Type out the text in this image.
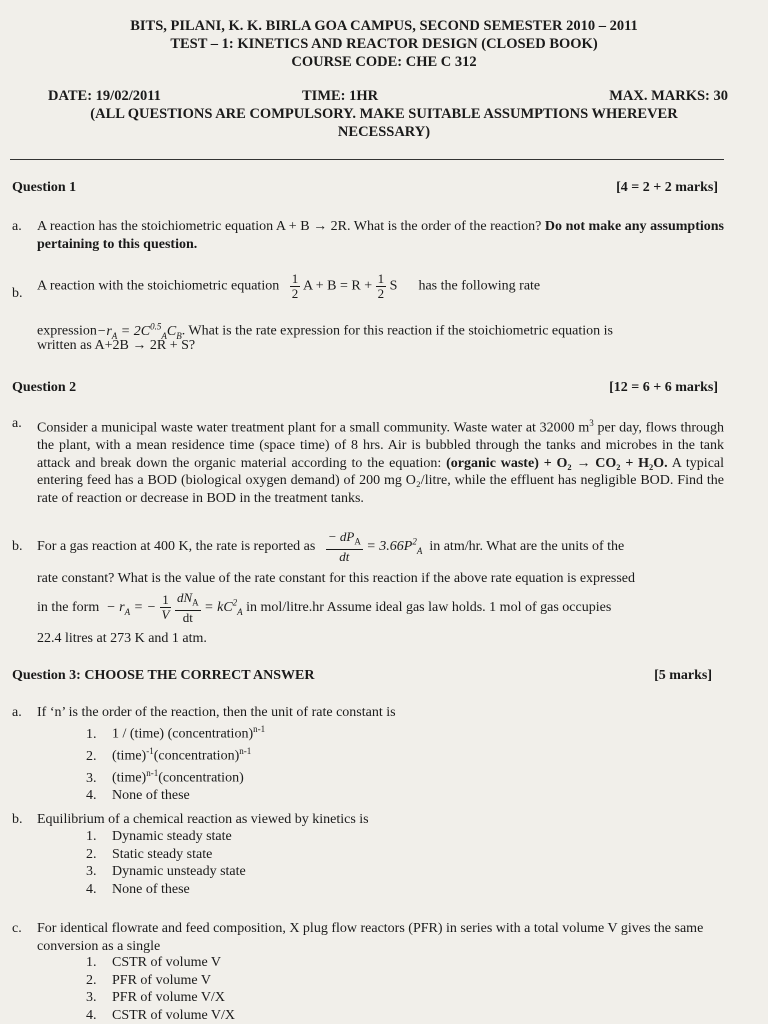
BITS, PILANI, K. K. BIRLA GOA CAMPUS, SECOND SEMESTER 2010 – 2011
TEST – 1: KINETICS AND REACTOR DESIGN (CLOSED BOOK)
COURSE CODE: CHE C 312
DATE: 19/02/2011	TIME: 1HR	MAX. MARKS: 30
(ALL QUESTIONS ARE COMPULSORY. MAKE SUITABLE ASSUMPTIONS WHEREVER
NECESSARY)
Question 1	[4 = 2 + 2 marks]
a. A reaction has the stoichiometric equation A + B → 2R. What is the order of the reaction? Do not make any assumptions pertaining to this question.
b. A reaction with the stoichiometric equation $\frac{1}{2}$ $A + B = R + \frac{1}{2}$ S has the following rate
$expression-r_A = 2C^{0.5}_AC_B$. What is the rate expression for this reaction if the stoichiometric equation is
written as A+2B → 2R + S?
Question 2	[12 = 6 + 6 marks]
a. Consider a municipal waste water treatment plant for a small community. Waste water at 32000 $m^3$ per day, flows through the plant, with a mean residence time (space time) of 8 hrs. Air is bubbled through the tanks and microbes in the tank attack and break down the organic material according to the equation: (organic waste) + O₂ → CO₂ + H₂O. A typical entering feed has a BOD (biological oxygen demand) of 200 mg O₂/litre, while the effluent has negligible BOD. Find the rate of reaction or decrease in BOD in the treatment tanks.
b. For a gas reaction at 400 K, the rate is reported as $\frac{- dP_A}{dt} = 3.66P^2_A$ in atm/hr. What are the units of the
rate constant? What is the value of the rate constant for this reaction if the above rate equation is expressed
in the form − $r_A$ = − $\frac{1}{V}$
$\frac{dN_A}{dt} = kC^2_A$ in mol/litre.hr Assume ideal gas law holds. 1 mol of gas occupies
22.4 litres at 273 K and 1 atm.
Question 3: CHOOSE THE CORRECT ANSWER	[5 marks]
a. If ‘n’ is the order of the reaction, then the unit of rate constant is
1. 1 / (time) (concentration)$^{n-1}$
2. (time)$^{-1}$(concentration)$^{n-1}$
3. (time)$^{n-1}$(concentration)
4. None of these
b. Equilibrium of a chemical reaction as viewed by kinetics is
1. Dynamic steady state
2. Static steady state
3. Dynamic unsteady state
4. None of these
c. For identical flowrate and feed composition, X plug flow reactors (PFR) in series with a total volume V gives the same conversion as a single
1. CSTR of volume V
2. PFR of volume V
3. PFR of volume V/X
4. CSTR of volume V/X
